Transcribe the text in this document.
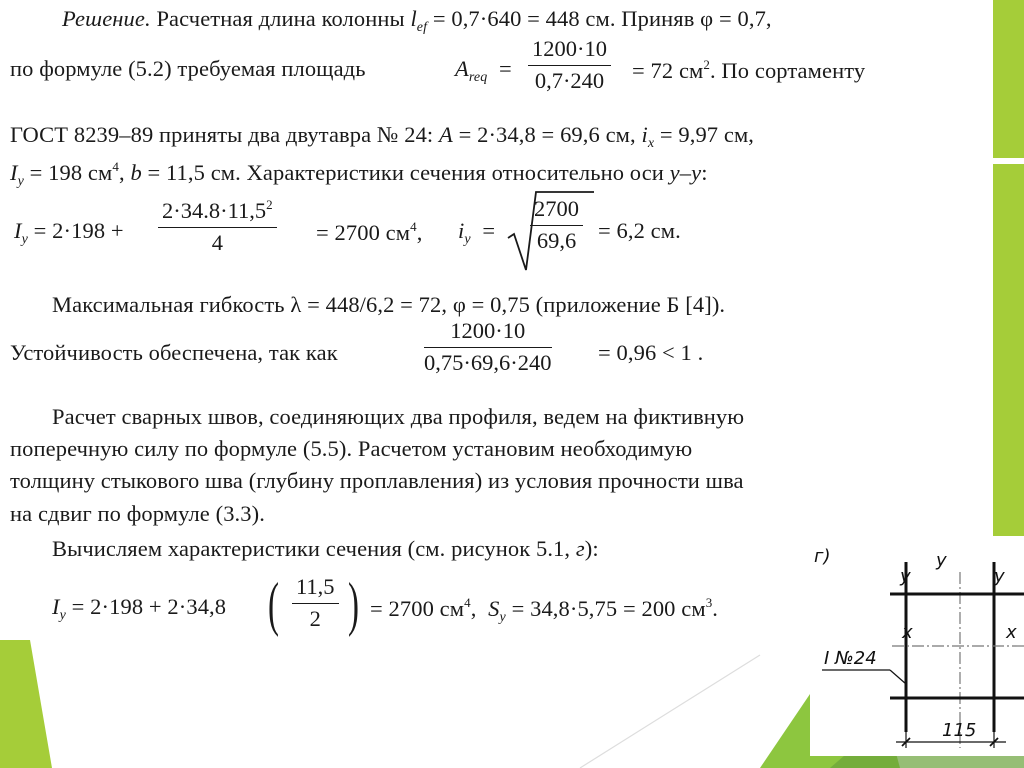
Решение. Расчетная длина колонны $l_{ef} = 0,7\cdot 640 = 448$ см. Приняв φ = 0,7,
по формуле (5.2) требуемая площадь	$A_{req} = \frac{1200\cdot 10}{0,7\cdot 240} = 72$ $см^2$. По сортаменту
ГОСТ 8239–89 приняты два двутавра № 24: A = 2·34,8 = 69,6 см, $i_x = 9,97$ см,
$I_y = 198$ $см^4$, b = 11,5 см. Характеристики сечения относительно оси y–y:
$I_y = 2\cdot 198 + \frac{2\cdot 34.8\cdot 11,5^2}{4} = 2700$ $см^4$, $i_y = \frac{2700}{69,6} = 6,2$ см.
Максимальная гибкость λ = 448/6,2 = 72, φ = 0,75 (приложение Б [4]).
Устойчивость обеспечена, так как	$\frac{1200\cdot 10}{0,75\cdot 69,6\cdot 240} = 0,96 < 1$ .
Расчет сварных швов, соединяющих два профиля, ведем на фиктивную
поперечную силу по формуле (5.5). Расчетом установим необходимую
толщину стыкового шва (глубину проплавления) из условия прочности шва
на сдвиг по формуле (3.3).
Вычисляем характеристики сечения (см. рисунок 5.1, г):
$I_y = 2\cdot 198 + 2\cdot 34,8$ ( $\frac{11,5}{2}$ ) = 2700 $см^4$, $S_y = 34,8\cdot 5,75 = 200$ $см^3$.
г)
y
y
y
x	x
I №24
115
